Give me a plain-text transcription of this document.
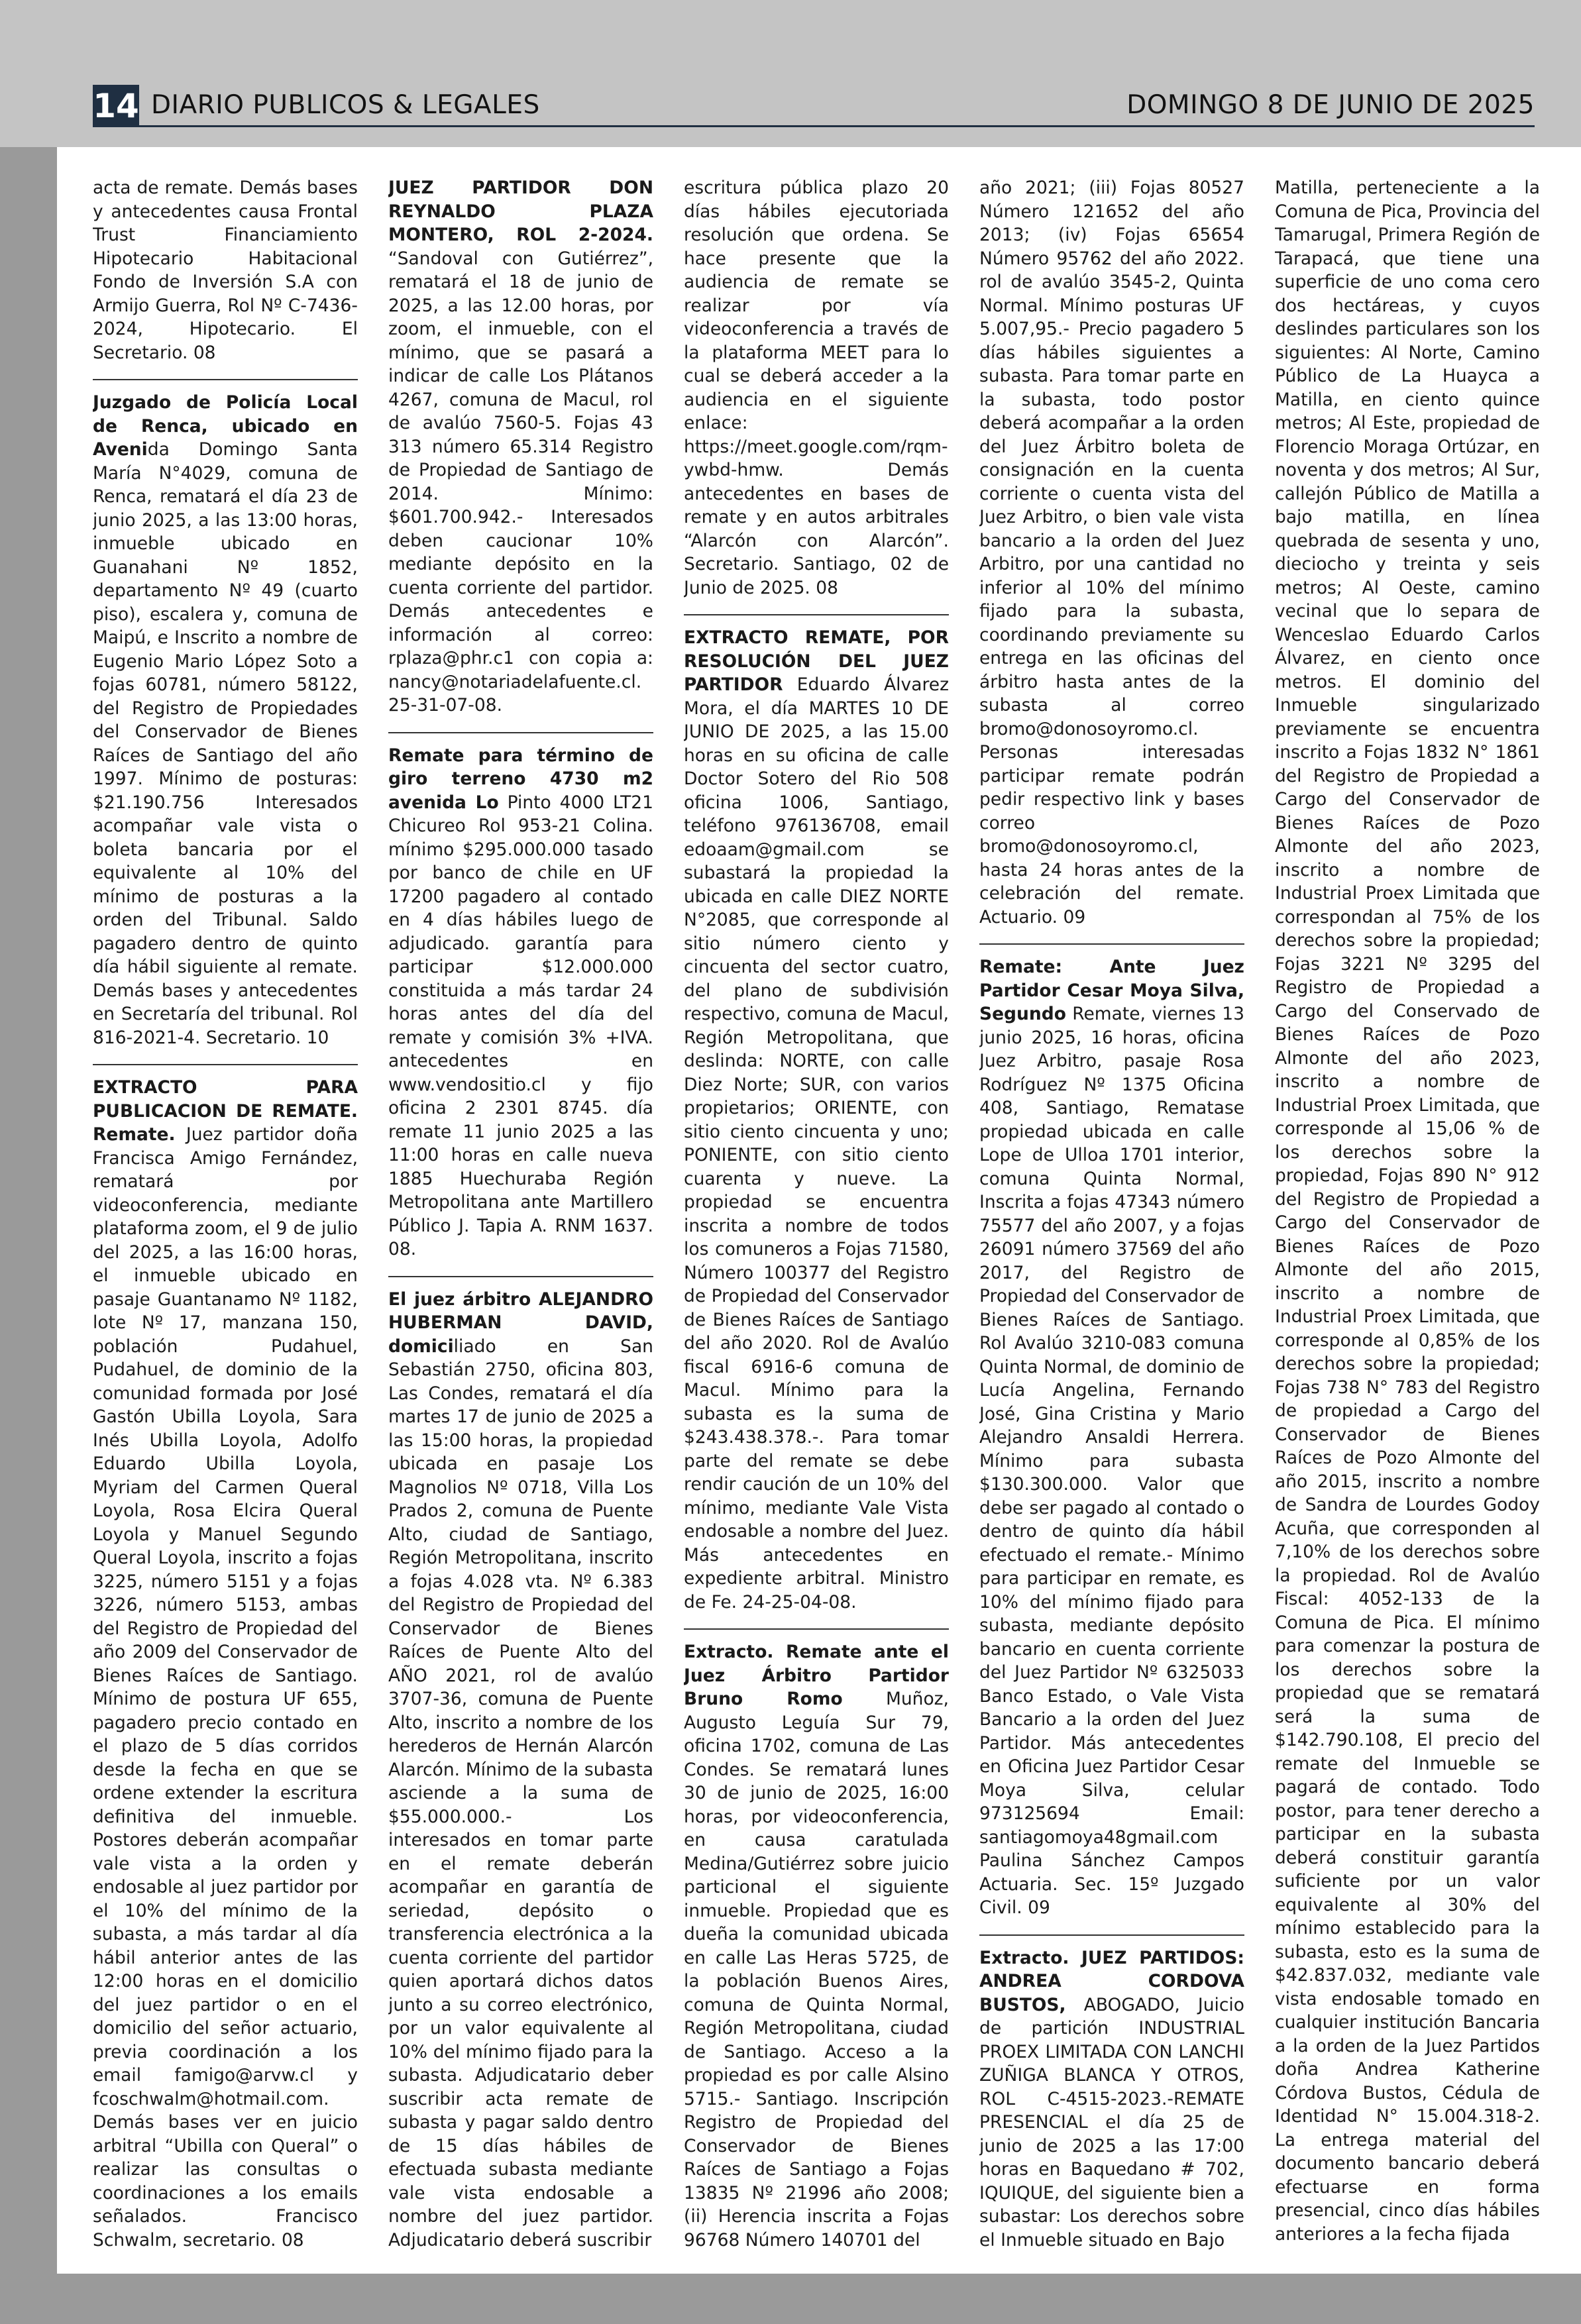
14 DIARIO PUBLICOS & LEGALES	DOMINGO 8 DE JUNIO DE 2025

acta de remate. Demás bases y antecedentes causa Frontal Trust	Financiamiento Hipotecario	Habitacional Fondo de Inversión S.A con Armijo Guerra, Rol Nº C-7436-2024,	Hipotecario.	El Secretario. 08

Juzgado de Policía Local de Renca, ubicado en Avenida Domingo Santa María N°4029, comuna de Renca, rematará el día 23 de junio 2025, a las 13:00 horas, inmueble	ubicado	en Guanahani	Nº	1852, departamento Nº 49 (cuarto piso), escalera y, comuna de Maipú, e Inscrito a nombre de Eugenio Mario López Soto a fojas 60781, número 58122, del Registro de Propiedades del Conservador de Bienes Raíces de Santiago del año 1997. Mínimo de posturas: $21.190.756	Interesados acompañar vale vista o boleta bancaria por el equivalente al 10% del mínimo de posturas a la orden del Tribunal. Saldo pagadero dentro de quinto día hábil siguiente al remate. Demás bases y antecedentes en Secretaría del tribunal. Rol 816-2021-4. Secretario. 10

EXTRACTO	PARA PUBLICACION DE REMATE. Remate. Juez partidor doña Francisca Amigo Fernández, rematará	por videoconferencia, mediante plataforma zoom, el 9 de julio del 2025, a las 16:00 horas, el inmueble ubicado en pasaje Guantanamo Nº 1182, lote Nº 17, manzana 150, población	Pudahuel, Pudahuel, de dominio de la comunidad formada por José Gastón Ubilla Loyola, Sara Inés Ubilla Loyola, Adolfo Eduardo Ubilla Loyola, Myriam del Carmen Queral Loyola, Rosa Elcira Queral Loyola y Manuel Segundo Queral Loyola, inscrito a fojas 3225, número 5151 y a fojas 3226, número 5153, ambas del Registro de Propiedad del año 2009 del Conservador de Bienes Raíces de Santiago. Mínimo de postura UF 655, pagadero precio contado en el plazo de 5 días corridos desde la fecha en que se ordene extender la escritura definitiva del inmueble. Postores deberán acompañar vale vista a la orden y endosable al juez partidor por el 10% del mínimo de la subasta, a más tardar al día hábil anterior antes de las 12:00 horas en el domicilio del juez partidor o en el domicilio del señor actuario, previa coordinación a los email famigo@arvw.cl y fcoschwalm@hotmail.com. Demás bases ver en juicio arbitral “Ubilla con Queral” o realizar las consultas o coordinaciones a los emails señalados.	Francisco Schwalm, secretario. 08

JUEZ PARTIDOR DON REYNALDO	PLAZA MONTERO, ROL 2-2024. “Sandoval con Gutiérrez”, rematará el 18 de junio de 2025, a las 12.00 horas, por zoom, el inmueble, con el mínimo, que se pasará a indicar de calle Los Plátanos 4267, comuna de Macul, rol de avalúo 7560-5. Fojas 43 313 número 65.314 Registro de Propiedad de Santiago de 2014.	Mínimo: $601.700.942.- Interesados deben caucionar 10% mediante depósito en la cuenta corriente del partidor. Demás antecedentes e información al correo: rplaza@phr.c1 con copia a: nancy@notariadelafuente.cl. 25-31-07-08.

Remate para término de giro terreno 4730 m2 avenida Lo Pinto 4000 LT21 Chicureo Rol 953-21 Colina. mínimo $295.000.000 tasado por banco de chile en UF 17200 pagadero al contado en 4 días hábiles luego de adjudicado. garantía para participar	$12.000.000 constituida a más tardar 24 horas antes del día del remate y comisión 3% +IVA. antecedentes	en www.vendositio.cl y fijo oficina 2 2301 8745. día remate 11 junio 2025 a las 11:00 horas en calle nueva 1885 Huechuraba Región Metropolitana ante Martillero Público J. Tapia A. RNM 1637. 08.

El juez árbitro ALEJANDRO HUBERMAN	DAVID, domiciliado	en	San Sebastián 2750, oficina 803, Las Condes, rematará el día martes 17 de junio de 2025 a las 15:00 horas, la propiedad ubicada en pasaje Los Magnolios Nº 0718, Villa Los Prados 2, comuna de Puente Alto, ciudad de Santiago, Región Metropolitana, inscrito a fojas 4.028 vta. Nº 6.383 del Registro de Propiedad del Conservador de Bienes Raíces de Puente Alto del AÑO 2021, rol de avalúo 3707-36, comuna de Puente Alto, inscrito a nombre de los herederos de Hernán Alarcón Alarcón. Mínimo de la subasta asciende a la suma de $55.000.000.-	Los interesados en tomar parte en el remate deberán acompañar en garantía de seriedad,	depósito	o transferencia electrónica a la cuenta corriente del partidor quien aportará dichos datos junto a su correo electrónico, por un valor equivalente al 10% del mínimo fijado para la subasta. Adjudicatario deber suscribir acta remate de subasta y pagar saldo dentro de 15 días hábiles de efectuada subasta mediante vale vista endosable a nombre del juez partidor. Adjudicatario deberá suscribir

escritura pública plazo 20 días hábiles ejecutoriada resolución que ordena. Se hace presente que la audiencia de remate se realizar	por	vía videoconferencia a través de la plataforma MEET para lo cual se deberá acceder a la audiencia en el siguiente enlace: https://meet.google.com/rqm-ywbd-hmw.	Demás antecedentes en bases de remate y en autos arbitrales “Alarcón con Alarcón”. Secretario. Santiago, 02 de Junio de 2025. 08

EXTRACTO REMATE, POR RESOLUCIÓN DEL JUEZ PARTIDOR Eduardo Álvarez Mora, el día MARTES 10 DE JUNIO DE 2025, a las 15.00 horas en su oficina de calle Doctor Sotero del Rio 508 oficina 1006, Santiago, teléfono 976136708, email edoaam@gmail.com	se subastará la propiedad la ubicada en calle DIEZ NORTE N°2085, que corresponde al sitio número ciento y cincuenta del sector cuatro, del plano de subdivisión respectivo, comuna de Macul, Región Metropolitana, que deslinda: NORTE, con calle Diez Norte; SUR, con varios propietarios; ORIENTE, con sitio ciento cincuenta y uno; PONIENTE, con sitio ciento cuarenta y nueve. La propiedad se encuentra inscrita a nombre de todos los comuneros a Fojas 71580, Número 100377 del Registro de Propiedad del Conservador de Bienes Raíces de Santiago del año 2020. Rol de Avalúo fiscal 6916-6 comuna de Macul. Mínimo para la subasta es la suma de $243.438.378.-. Para tomar parte del remate se debe rendir caución de un 10% del mínimo, mediante Vale Vista endosable a nombre del Juez. Más	antecedentes	en expediente arbitral. Ministro de Fe. 24-25-04-08.

Extracto. Remate ante el Juez Árbitro Partidor Bruno Romo Muñoz, Augusto Leguía Sur 79, oficina 1702, comuna de Las Condes. Se rematará lunes 30 de junio de 2025, 16:00 horas, por videoconferencia, en	causa	caratulada Medina/Gutiérrez sobre juicio particional el siguiente inmueble. Propiedad que es dueña la comunidad ubicada en calle Las Heras 5725, de la población Buenos Aires, comuna de Quinta Normal, Región Metropolitana, ciudad de Santiago. Acceso a la propiedad es por calle Alsino 5715.- Santiago. Inscripción Registro de Propiedad del Conservador de Bienes Raíces de Santiago a Fojas 13835 Nº 21996 año 2008; (ii) Herencia inscrita a Fojas 96768 Número 140701 del

año 2021; (iii) Fojas 80527 Número 121652 del año 2013; (iv) Fojas 65654 Número 95762 del año 2022. rol de avalúo 3545-2, Quinta Normal. Mínimo posturas UF 5.007,95.- Precio pagadero 5 días hábiles siguientes a subasta. Para tomar parte en la subasta, todo postor deberá acompañar a la orden del Juez Árbitro boleta de consignación en la cuenta corriente o cuenta vista del Juez Arbitro, o bien vale vista bancario a la orden del Juez Arbitro, por una cantidad no inferior al 10% del mínimo fijado para la subasta, coordinando previamente su entrega en las oficinas del árbitro hasta antes de la subasta	al	correo bromo@donosoyromo.cl. Personas	interesadas participar remate podrán pedir respectivo link y bases correo bromo@donosoyromo.cl, hasta 24 horas antes de la celebración del remate. Actuario. 09

Remate:	Ante	Juez Partidor Cesar Moya Silva, Segundo Remate, viernes 13 junio 2025, 16 horas, oficina Juez Arbitro, pasaje Rosa Rodríguez Nº 1375 Oficina 408, Santiago, Rematase propiedad ubicada en calle Lope de Ulloa 1701 interior, comuna Quinta Normal, Inscrita a fojas 47343 número 75577 del año 2007, y a fojas 26091 número 37569 del año 2017, del Registro de Propiedad del Conservador de Bienes Raíces de Santiago. Rol Avalúo 3210-083 comuna Quinta Normal, de dominio de Lucía Angelina, Fernando José, Gina Cristina y Mario Alejandro Ansaldi Herrera. Mínimo	para	subasta $130.300.000. Valor que debe ser pagado al contado o dentro de quinto día hábil efectuado el remate.- Mínimo para participar en remate, es 10% del mínimo fijado para subasta, mediante depósito bancario en cuenta corriente del Juez Partidor Nº 6325033 Banco Estado, o Vale Vista Bancario a la orden del Juez Partidor. Más antecedentes en Oficina Juez Partidor Cesar Moya	Silva,	celular 973125694	Email: santiagomoya48gmail.com Paulina Sánchez Campos Actuaria. Sec. 15º Juzgado Civil. 09

Extracto. JUEZ PARTIDOS: ANDREA	CORDOVA BUSTOS, ABOGADO, Juicio de partición INDUSTRIAL PROEX LIMITADA CON LANCHI ZUÑIGA BLANCA Y OTROS, ROL C-4515-2023.-REMATE PRESENCIAL el día 25 de junio de 2025 a las 17:00 horas en Baquedano # 702, IQUIQUE, del siguiente bien a subastar: Los derechos sobre el Inmueble situado en Bajo

Matilla, perteneciente a la Comuna de Pica, Provincia del Tamarugal, Primera Región de Tarapacá, que tiene una superficie de uno coma cero dos hectáreas, y cuyos deslindes particulares son los siguientes: Al Norte, Camino Público de La Huayca a Matilla, en ciento quince metros; Al Este, propiedad de Florencio Moraga Ortúzar, en noventa y dos metros; Al Sur, callejón Público de Matilla a bajo matilla, en línea quebrada de sesenta y uno, dieciocho y treinta y seis metros; Al Oeste, camino vecinal que lo separa de Wenceslao Eduardo Carlos Álvarez, en ciento once metros. El dominio del Inmueble	singularizado previamente se encuentra inscrito a Fojas 1832 N° 1861 del Registro de Propiedad a Cargo del Conservador de Bienes Raíces de Pozo Almonte del año 2023, inscrito a nombre de Industrial Proex Limitada que correspondan al 75% de los derechos sobre la propiedad; Fojas 3221 Nº 3295 del Registro de Propiedad a Cargo del Conservado de Bienes Raíces de Pozo Almonte del año 2023, inscrito a nombre de Industrial Proex Limitada, que corresponde al 15,06 % de los derechos sobre la propiedad, Fojas 890 N° 912 del Registro de Propiedad a Cargo del Conservador de Bienes Raíces de Pozo Almonte del año 2015, inscrito a nombre de Industrial Proex Limitada, que corresponde al 0,85% de los derechos sobre la propiedad; Fojas 738 N° 783 del Registro de propiedad a Cargo del Conservador de Bienes Raíces de Pozo Almonte del año 2015, inscrito a nombre de Sandra de Lourdes Godoy Acuña, que corresponden al 7,10% de los derechos sobre la propiedad. Rol de Avalúo Fiscal: 4052-133 de la Comuna de Pica. El mínimo para comenzar la postura de los derechos sobre la propiedad que se rematará será	la	suma	de $142.790.108, El precio del remate del Inmueble se pagará de contado. Todo postor, para tener derecho a participar en la subasta deberá constituir garantía suficiente por un valor equivalente al 30% del mínimo establecido para la subasta, esto es la suma de $42.837.032, mediante vale vista endosable tomado en cualquier institución Bancaria a la orden de la Juez Partidos doña Andrea Katherine Córdova Bustos, Cédula de Identidad N° 15.004.318-2. La entrega material del documento bancario deberá efectuarse	en	forma presencial, cinco días hábiles anteriores a la fecha fijada
